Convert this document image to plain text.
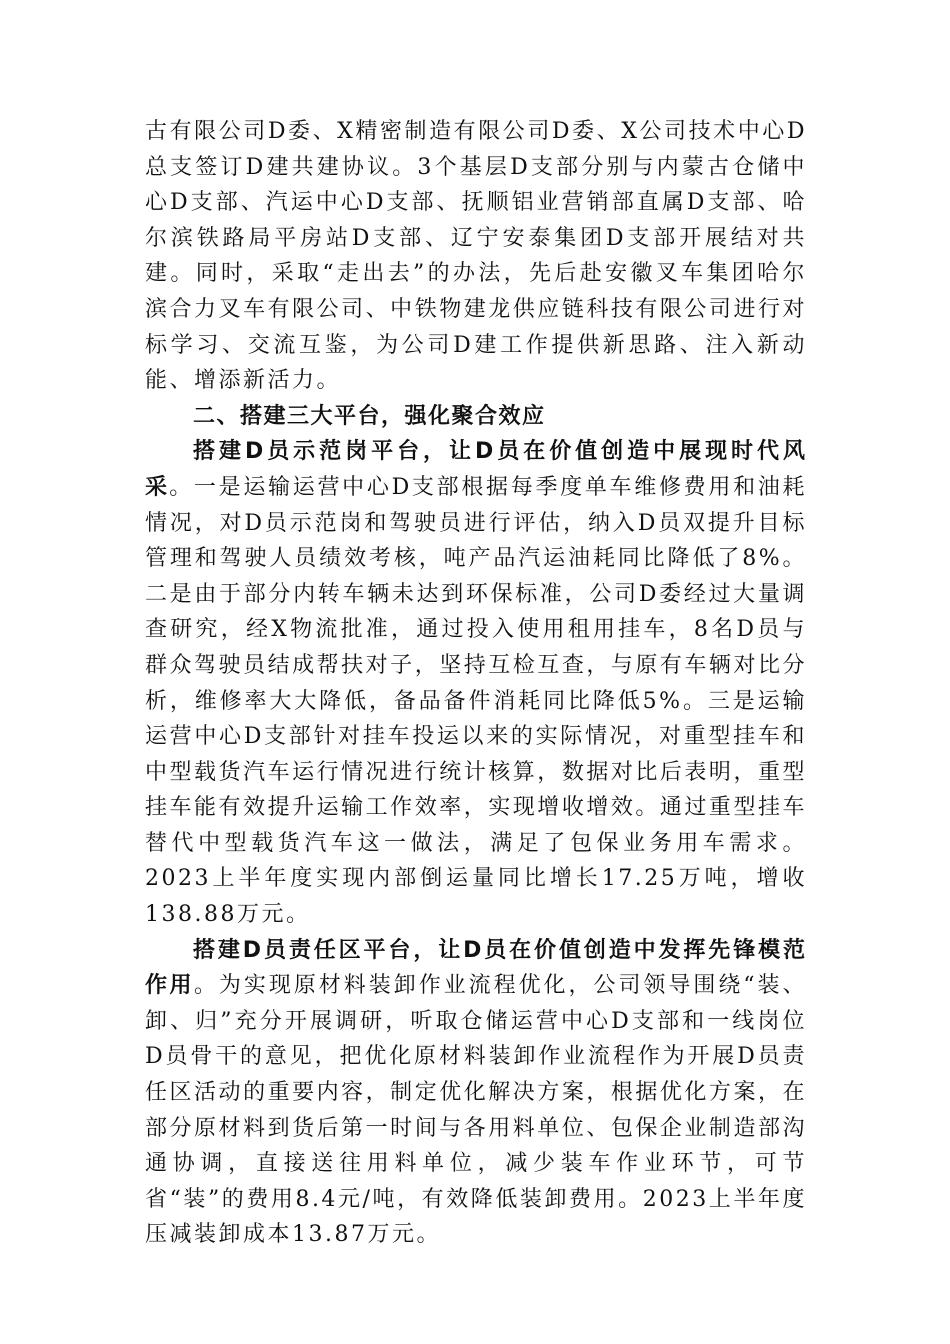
古有限公司D委、X精密制造有限公司D委、X公司技术中心D总支签订D建共建协议。3个基层D支部分别与内蒙古仓储中心D支部、汽运中心D支部、抚顺铝业营销部直属D支部、哈尔滨铁路局平房站D支部、辽宁安泰集团D支部开展结对共建。同时，采取“走出去”的办法，先后赴安徽叉车集团哈尔滨合力叉车有限公司、中铁物建龙供应链科技有限公司进行对标学习、交流互鉴，为公司D建工作提供新思路、注入新动能、增添新活力。

二、搭建三大平台，强化聚合效应

搭建D员示范岗平台，让D员在价值创造中展现时代风采。一是运输运营中心D支部根据每季度单车维修费用和油耗情况，对D员示范岗和驾驶员进行评估，纳入D员双提升目标管理和驾驶人员绩效考核，吨产品汽运油耗同比降低了8%。二是由于部分内转车辆未达到环保标准，公司D委经过大量调查研究，经X物流批准，通过投入使用租用挂车，8名D员与群众驾驶员结成帮扶对子，坚持互检互查，与原有车辆对比分析，维修率大大降低，备品备件消耗同比降低5%。三是运输运营中心D支部针对挂车投运以来的实际情况，对重型挂车和中型载货汽车运行情况进行统计核算，数据对比后表明，重型挂车能有效提升运输工作效率，实现增收增效。通过重型挂车替代中型载货汽车这一做法，满足了包保业务用车需求。2023上半年度实现内部倒运量同比增长17.25万吨，增收138.88万元。

搭建D员责任区平台，让D员在价值创造中发挥先锋模范作用。为实现原材料装卸作业流程优化，公司领导围绕“装、卸、归”充分开展调研，听取仓储运营中心D支部和一线岗位D员骨干的意见，把优化原材料装卸作业流程作为开展D员责任区活动的重要内容，制定优化解决方案，根据优化方案，在部分原材料到货后第一时间与各用料单位、包保企业制造部沟通协调，直接送往用料单位，减少装车作业环节，可节省“装”的费用8.4元/吨，有效降低装卸费用。2023上半年度压减装卸成本13.87万元。
